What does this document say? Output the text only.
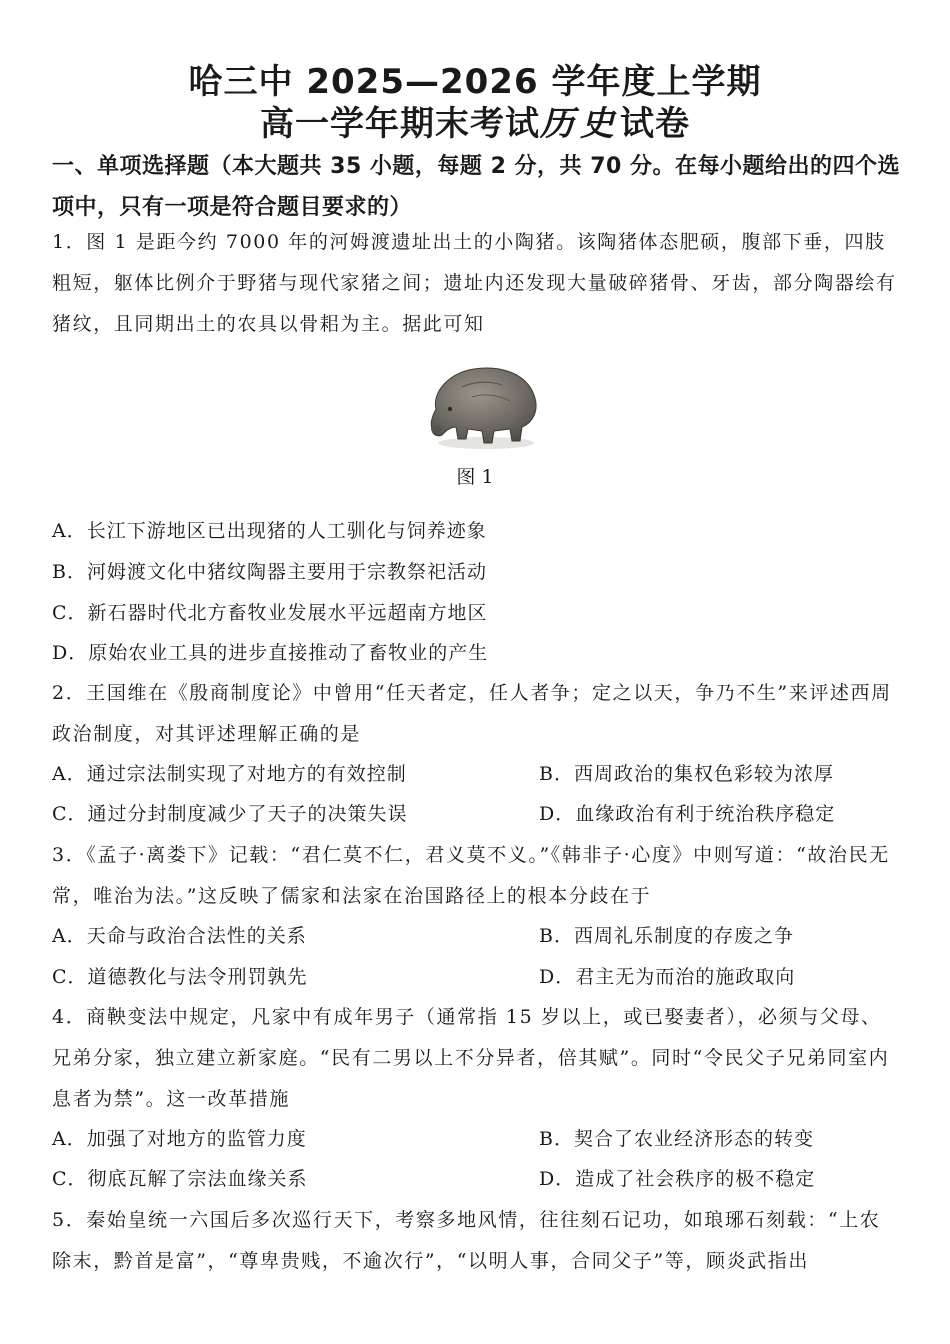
哈三中 2025—2026 学年度上学期
高一学年期末考试历史试卷
一、单项选择题（本大题共 35 小题，每题 2 分，共 70 分。在每小题给出的四个选项中，只有一项是符合题目要求的）
1．图 1 是距今约 7000 年的河姆渡遗址出土的小陶猪。该陶猪体态肥硕，腹部下垂，四肢粗短，躯体比例介于野猪与现代家猪之间；遗址内还发现大量破碎猪骨、牙齿，部分陶器绘有猪纹，且同期出土的农具以骨耜为主。据此可知
图 1
A．长江下游地区已出现猪的人工驯化与饲养迹象
B．河姆渡文化中猪纹陶器主要用于宗教祭祀活动
C．新石器时代北方畜牧业发展水平远超南方地区
D．原始农业工具的进步直接推动了畜牧业的产生
2．王国维在《殷商制度论》中曾用“任天者定，任人者争；定之以天，争乃不生”来评述西周政治制度，对其评述理解正确的是
A．通过宗法制实现了对地方的有效控制	B．西周政治的集权色彩较为浓厚
C．通过分封制度减少了天子的决策失误	D．血缘政治有利于统治秩序稳定
3．《孟子·离娄下》记载：“君仁莫不仁，君义莫不义。”《韩非子·心度》中则写道：“故治民无常，唯治为法。”这反映了儒家和法家在治国路径上的根本分歧在于
A．天命与政治合法性的关系	B．西周礼乐制度的存废之争
C．道德教化与法令刑罚孰先	D．君主无为而治的施政取向
4．商鞅变法中规定，凡家中有成年男子（通常指 15 岁以上，或已娶妻者），必须与父母、兄弟分家，独立建立新家庭。“民有二男以上不分异者，倍其赋”。同时“令民父子兄弟同室内息者为禁”。这一改革措施
A．加强了对地方的监管力度	B．契合了农业经济形态的转变
C．彻底瓦解了宗法血缘关系	D．造成了社会秩序的极不稳定
5．秦始皇统一六国后多次巡行天下，考察多地风情，往往刻石记功，如琅琊石刻载：“上农除末，黔首是富”，“尊卑贵贱，不逾次行”，“以明人事，合同父子”等，顾炎武指出
